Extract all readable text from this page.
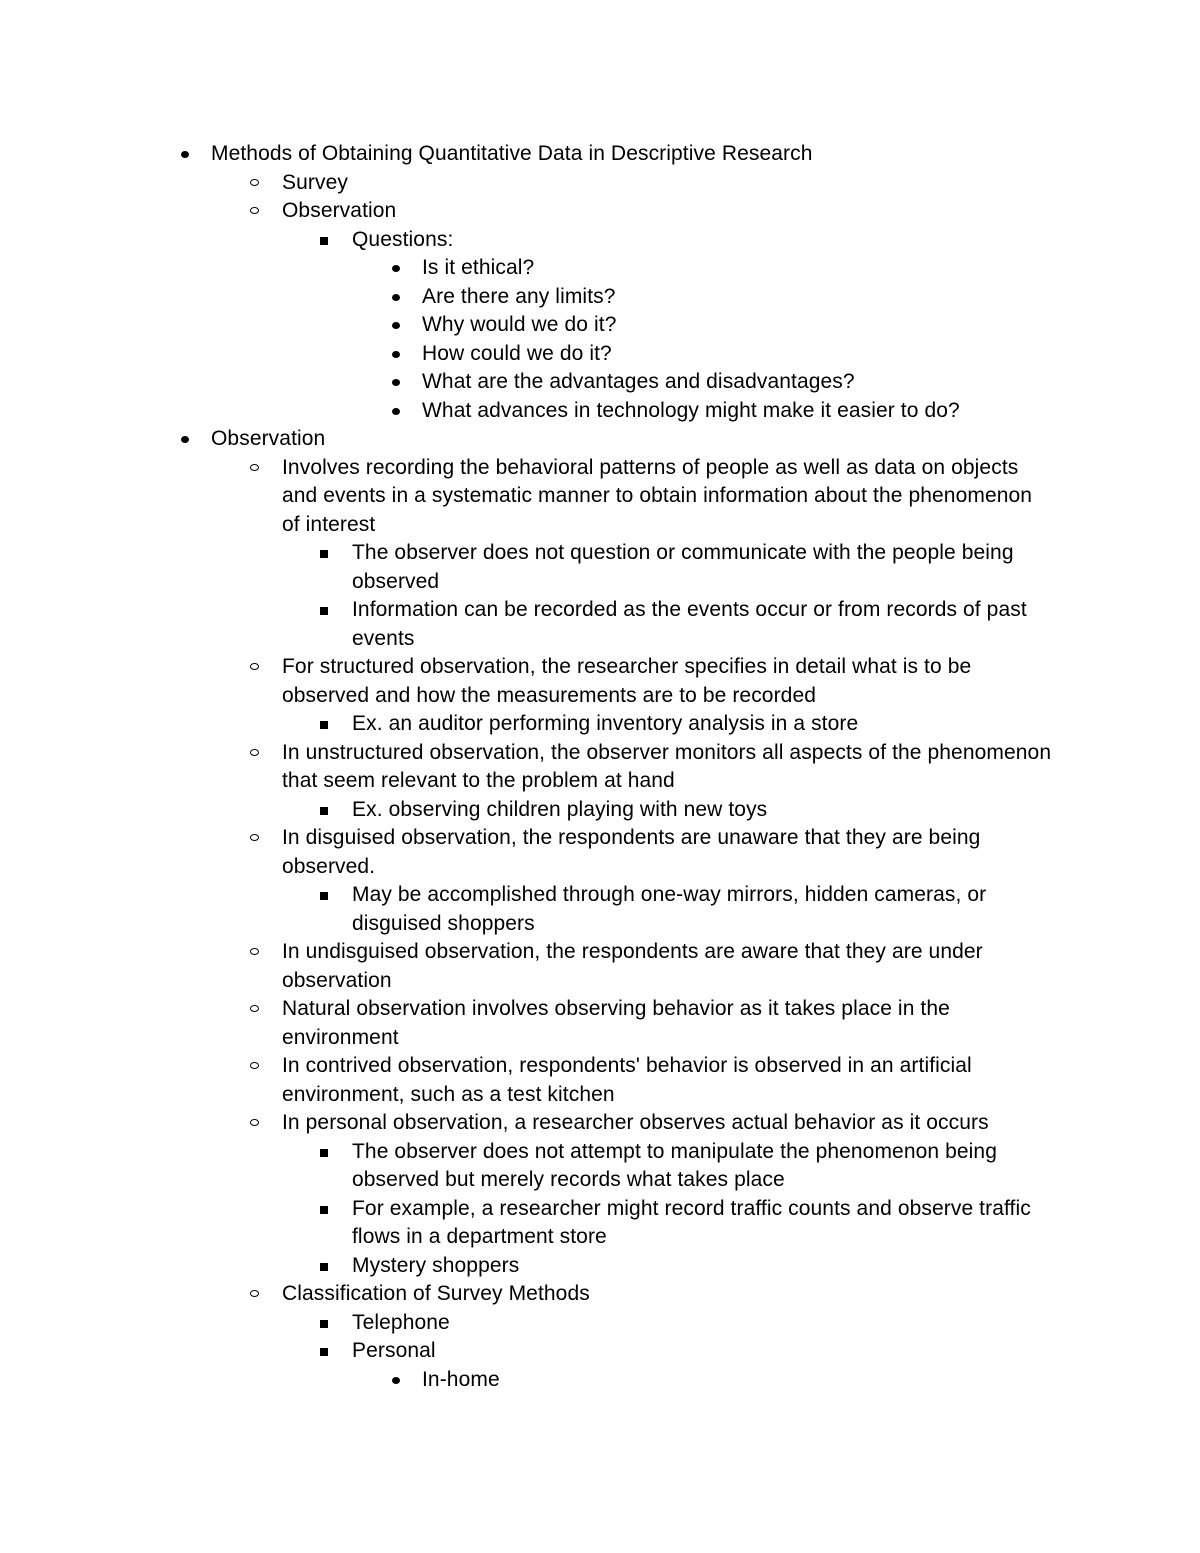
Methods of Obtaining Quantitative Data in Descriptive Research
Survey
Observation
Questions:
Is it ethical?
Are there any limits?
Why would we do it?
How could we do it?
What are the advantages and disadvantages?
What advances in technology might make it easier to do?
Observation
Involves recording the behavioral patterns of people as well as data on objects and events in a systematic manner to obtain information about the phenomenon of interest
The observer does not question or communicate with the people being observed
Information can be recorded as the events occur or from records of past events
For structured observation, the researcher specifies in detail what is to be observed and how the measurements are to be recorded
Ex. an auditor performing inventory analysis in a store
In unstructured observation, the observer monitors all aspects of the phenomenon that seem relevant to the problem at hand
Ex. observing children playing with new toys
In disguised observation, the respondents are unaware that they are being observed.
May be accomplished through one-way mirrors, hidden cameras, or disguised shoppers
In undisguised observation, the respondents are aware that they are under observation
Natural observation involves observing behavior as it takes place in the environment
In contrived observation, respondents' behavior is observed in an artificial environment, such as a test kitchen
In personal observation, a researcher observes actual behavior as it occurs
The observer does not attempt to manipulate the phenomenon being observed but merely records what takes place
For example, a researcher might record traffic counts and observe traffic flows in a department store
Mystery shoppers
Classification of Survey Methods
Telephone
Personal
In-home
